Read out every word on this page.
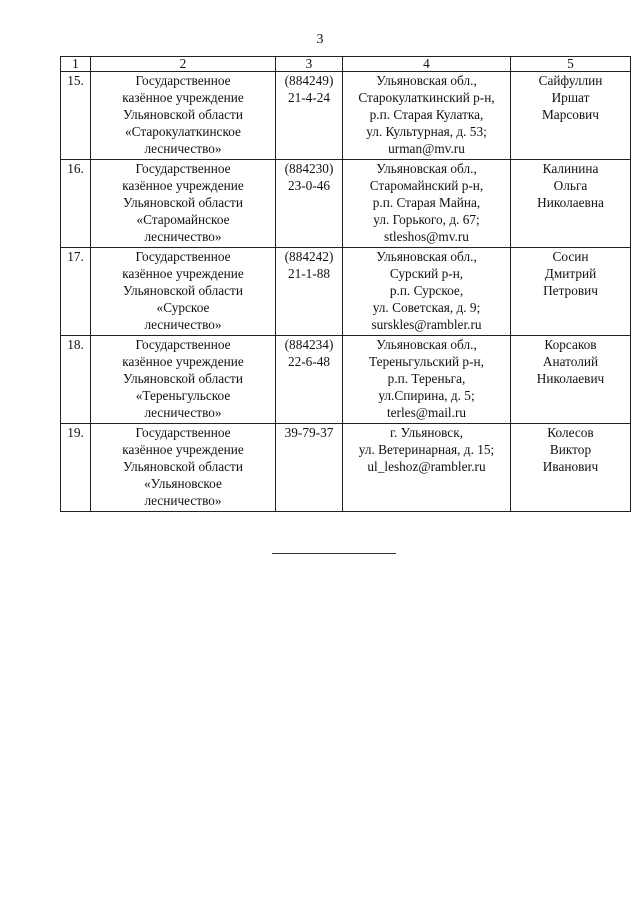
3
1	2	3	4	5
15.	Государственное
казённое учреждение
Ульяновской области
«Старокулаткинское
лесничество»	(884249)
21-4-24	Ульяновская обл.,
Старокулаткинский р-н,
р.п. Старая Кулатка,
ул. Культурная, д. 53;
urman@mv.ru	Сайфуллин
Иршат
Марсович

16.	Государственное
казённое учреждение
Ульяновской области
«Старомайнское
лесничество»	(884230)
23-0-46	Ульяновская обл.,
Старомайнский р-н,
р.п. Старая Майна,
ул. Горького, д. 67;
stleshos@mv.ru	Калинина
Ольга
Николаевна

17.	Государственное
казённое учреждение
Ульяновской области
«Сурское
лесничество»	(884242)
21-1-88	Ульяновская обл.,
Сурский р-н,
р.п. Сурское,
ул. Советская, д. 9;
surskles@rambler.ru	Сосин
Дмитрий
Петрович

18.	Государственное
казённое учреждение
Ульяновской области
«Тереньгульское
лесничество»	(884234)
22-6-48	Ульяновская обл.,
Тереньгульский р-н,
р.п. Тереньга,
ул.Спирина, д. 5;
terles@mail.ru	Корсаков
Анатолий
Николаевич

19.	Государственное
казённое учреждение
Ульяновской области
«Ульяновское
лесничество»	39-79-37	г. Ульяновск,
ул. Ветеринарная, д. 15;
ul_leshoz@rambler.ru	Колесов
Виктор
Иванович
